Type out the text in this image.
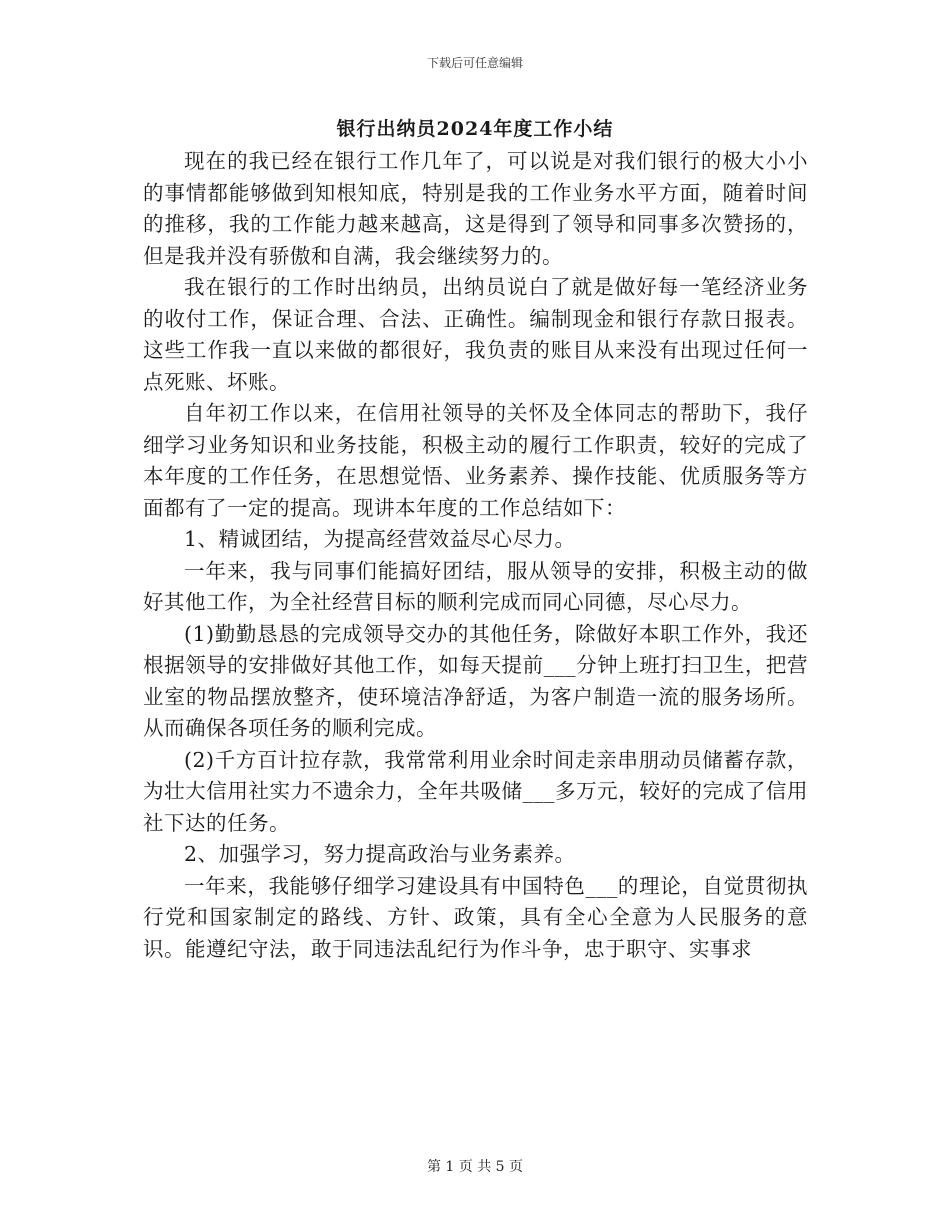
下载后可任意编辑
银行出纳员2024年度工作小结

现在的我已经在银行工作几年了，可以说是对我们银行的极大小小的事情都能够做到知根知底，特别是我的工作业务水平方面，随着时间的推移，我的工作能力越来越高，这是得到了领导和同事多次赞扬的，但是我并没有骄傲和自满，我会继续努力的。

我在银行的工作时出纳员，出纳员说白了就是做好每一笔经济业务的收付工作，保证合理、合法、正确性。编制现金和银行存款日报表。这些工作我一直以来做的都很好，我负责的账目从来没有出现过任何一点死账、坏账。

自年初工作以来，在信用社领导的关怀及全体同志的帮助下，我仔细学习业务知识和业务技能，积极主动的履行工作职责，较好的完成了本年度的工作任务，在思想觉悟、业务素养、操作技能、优质服务等方面都有了一定的提高。现讲本年度的工作总结如下：

1、精诚团结，为提高经营效益尽心尽力。

一年来，我与同事们能搞好团结，服从领导的安排，积极主动的做好其他工作，为全社经营目标的顺利完成而同心同德，尽心尽力。

(1)勤勤恳恳的完成领导交办的其他任务，除做好本职工作外，我还根据领导的安排做好其他工作，如每天提前___分钟上班打扫卫生，把营业室的物品摆放整齐，使环境洁净舒适，为客户制造一流的服务场所。从而确保各项任务的顺利完成。

(2)千方百计拉存款，我常常利用业余时间走亲串朋动员储蓄存款，为壮大信用社实力不遗余力，全年共吸储___多万元，较好的完成了信用社下达的任务。

2、加强学习，努力提高政治与业务素养。

一年来，我能够仔细学习建设具有中国特色___的理论，自觉贯彻执行党和国家制定的路线、方针、政策，具有全心全意为人民服务的意识。能遵纪守法，敢于同违法乱纪行为作斗争，忠于职守、实事求

第 1 页 共 5 页
